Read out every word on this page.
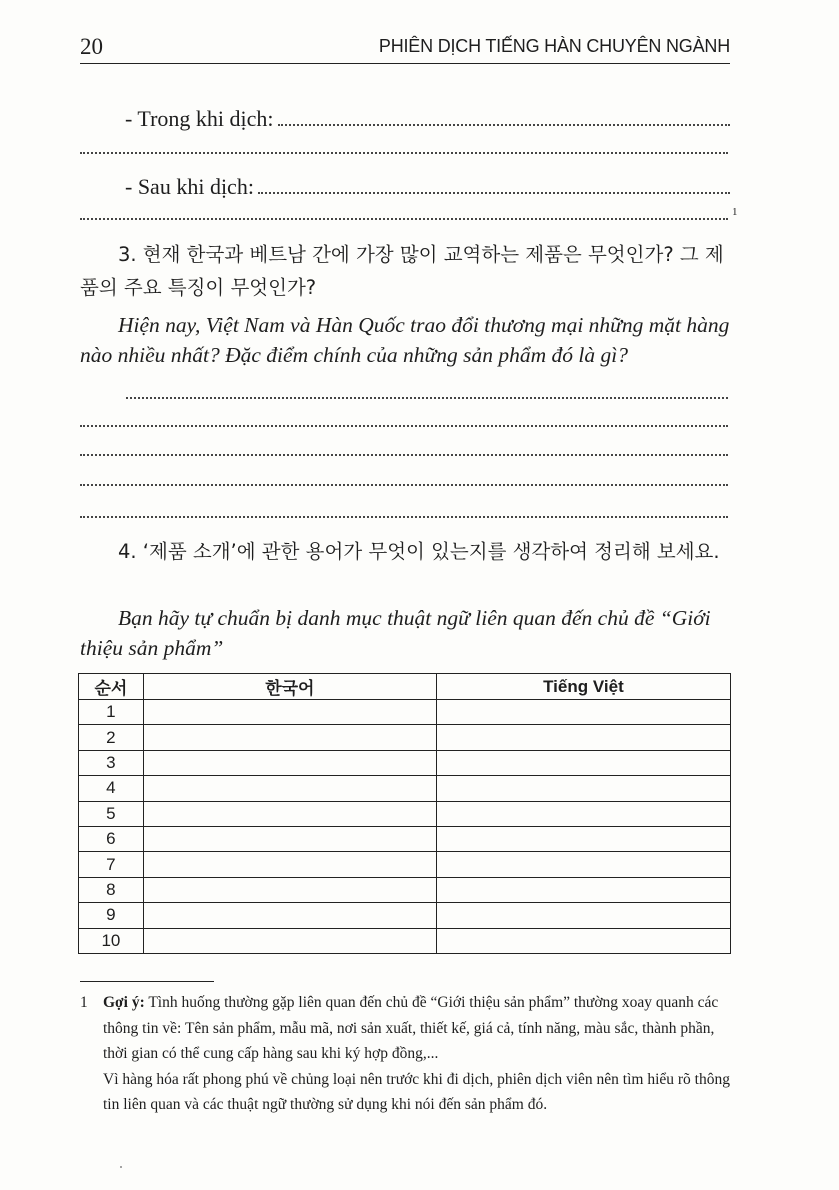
20	PHIÊN DỊCH TIẾNG HÀN CHUYÊN NGÀNH
- Trong khi dịch:
- Sau khi dịch:
1
3. 현재 한국과 베트남 간에 가장 많이 교역하는 제품은 무엇인가? 그 제품의 주요 특징이 무엇인가?
Hiện nay, Việt Nam và Hàn Quốc trao đổi thương mại những mặt hàng nào nhiều nhất? Đặc điểm chính của những sản phẩm đó là gì?
4. ‘제품 소개’에 관한 용어가 무엇이 있는지를 생각하여 정리해 보세요.
Bạn hãy tự chuẩn bị danh mục thuật ngữ liên quan đến chủ đề “Giới thiệu sản phẩm”
순서	한국어	Tiếng Việt
1		
2		
3		
4		
5		
6		
7		
8		
9		
10		
1 Gợi ý: Tình huống thường gặp liên quan đến chủ đề “Giới thiệu sản phẩm” thường xoay quanh các thông tin về: Tên sản phẩm, mẫu mã, nơi sản xuất, thiết kế, giá cả, tính năng, màu sắc, thành phần, thời gian có thể cung cấp hàng sau khi ký hợp đồng,...

Vì hàng hóa rất phong phú về chủng loại nên trước khi đi dịch, phiên dịch viên nên tìm hiểu rõ thông tin liên quan và các thuật ngữ thường sử dụng khi nói đến sản phẩm đó.
